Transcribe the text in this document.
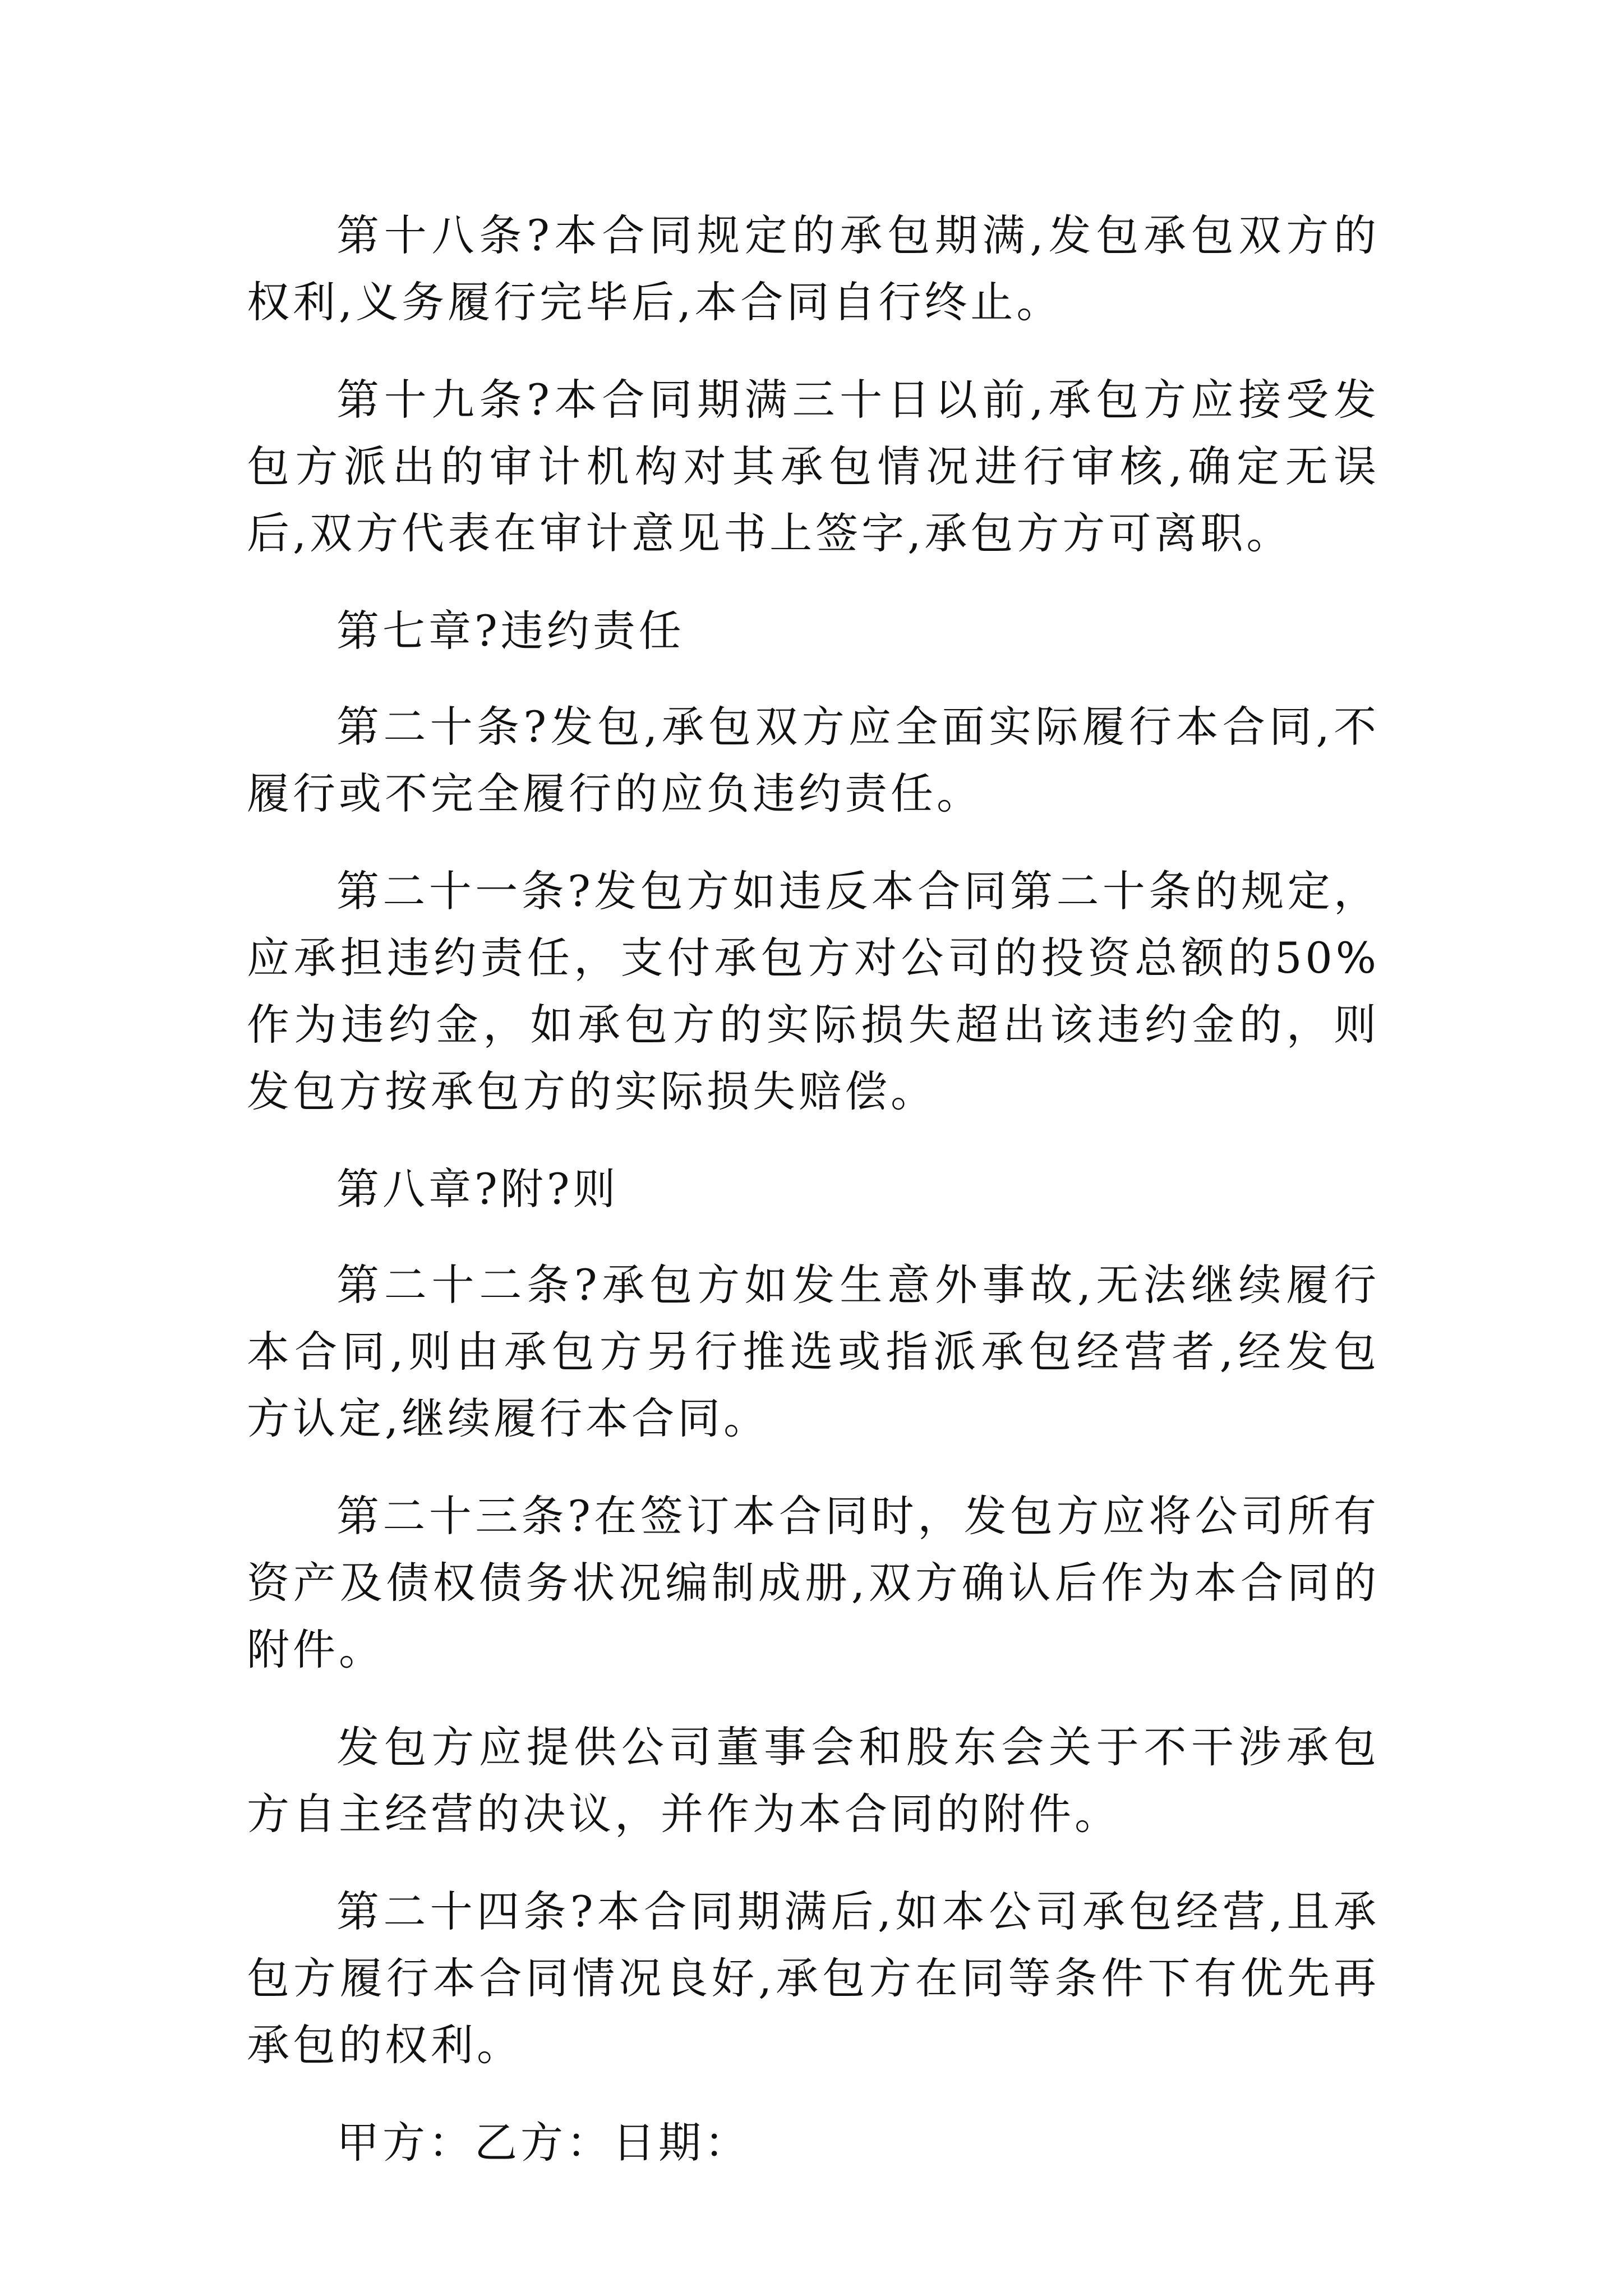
第十八条?本合同规定的承包期满,发包承包双方的权利,义务履行完毕后,本合同自行终止。

第十九条?本合同期满三十日以前,承包方应接受发包方派出的审计机构对其承包情况进行审核,确定无误后,双方代表在审计意见书上签字,承包方方可离职。

第七章?违约责任

第二十条?发包,承包双方应全面实际履行本合同,不履行或不完全履行的应负违约责任。

第二十一条?发包方如违反本合同第二十条的规定，应承担违约责任，支付承包方对公司的投资总额的50%作为违约金，如承包方的实际损失超出该违约金的，则发包方按承包方的实际损失赔偿。

第八章?附?则

第二十二条?承包方如发生意外事故,无法继续履行本合同,则由承包方另行推选或指派承包经营者,经发包方认定,继续履行本合同。

第二十三条?在签订本合同时，发包方应将公司所有资产及债权债务状况编制成册,双方确认后作为本合同的附件。

发包方应提供公司董事会和股东会关于不干涉承包方自主经营的决议，并作为本合同的附件。

第二十四条?本合同期满后,如本公司承包经营,且承包方履行本合同情况良好,承包方在同等条件下有优先再承包的权利。

甲方：乙方：日期：
